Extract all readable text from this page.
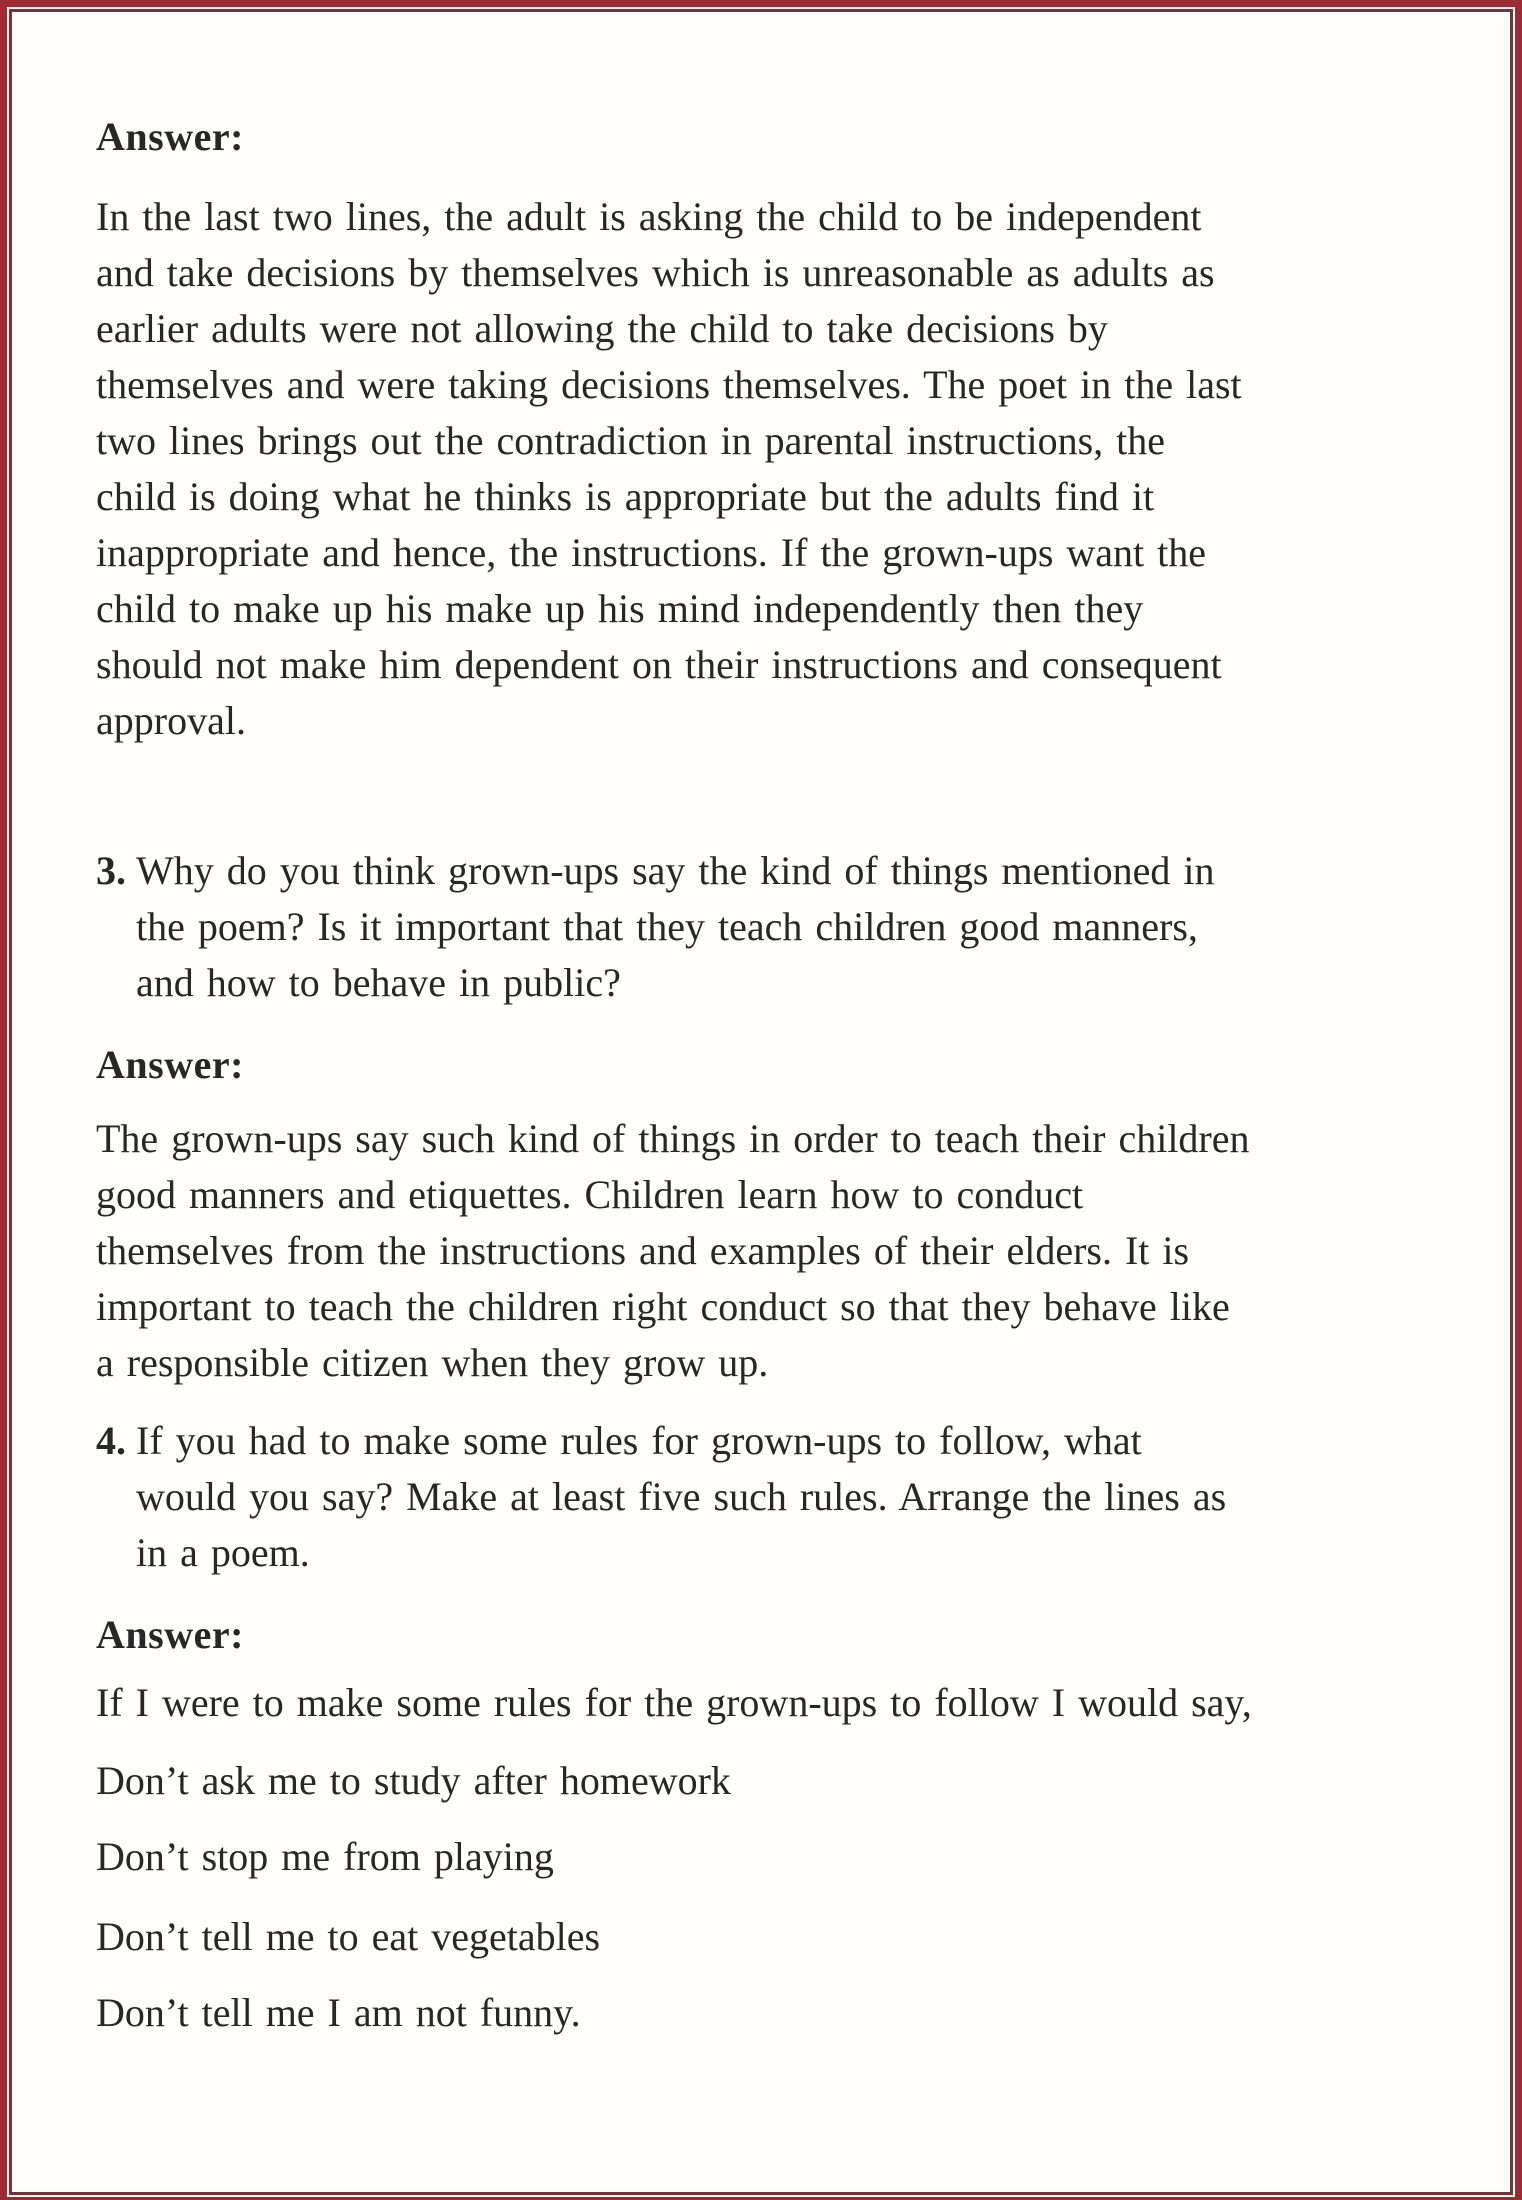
Answer:

In the last two lines, the adult is asking the child to be independent
and take decisions by themselves which is unreasonable as adults as
earlier adults were not allowing the child to take decisions by
themselves and were taking decisions themselves. The poet in the last
two lines brings out the contradiction in parental instructions, the
child is doing what he thinks is appropriate but the adults find it
inappropriate and hence, the instructions. If the grown-ups want the
child to make up his make up his mind independently then they
should not make him dependent on their instructions and consequent
approval.

3. Why do you think grown-ups say the kind of things mentioned in
the poem? Is it important that they teach children good manners,
and how to behave in public?
Answer:

The grown-ups say such kind of things in order to teach their children
good manners and etiquettes. Children learn how to conduct
themselves from the instructions and examples of their elders. It is
important to teach the children right conduct so that they behave like
a responsible citizen when they grow up.

4. If you had to make some rules for grown-ups to follow, what
would you say? Make at least five such rules. Arrange the lines as
in a poem.
Answer:

If I were to make some rules for the grown-ups to follow I would say,

Don’t ask me to study after homework

Don’t stop me from playing

Don’t tell me to eat vegetables

Don’t tell me I am not funny.
